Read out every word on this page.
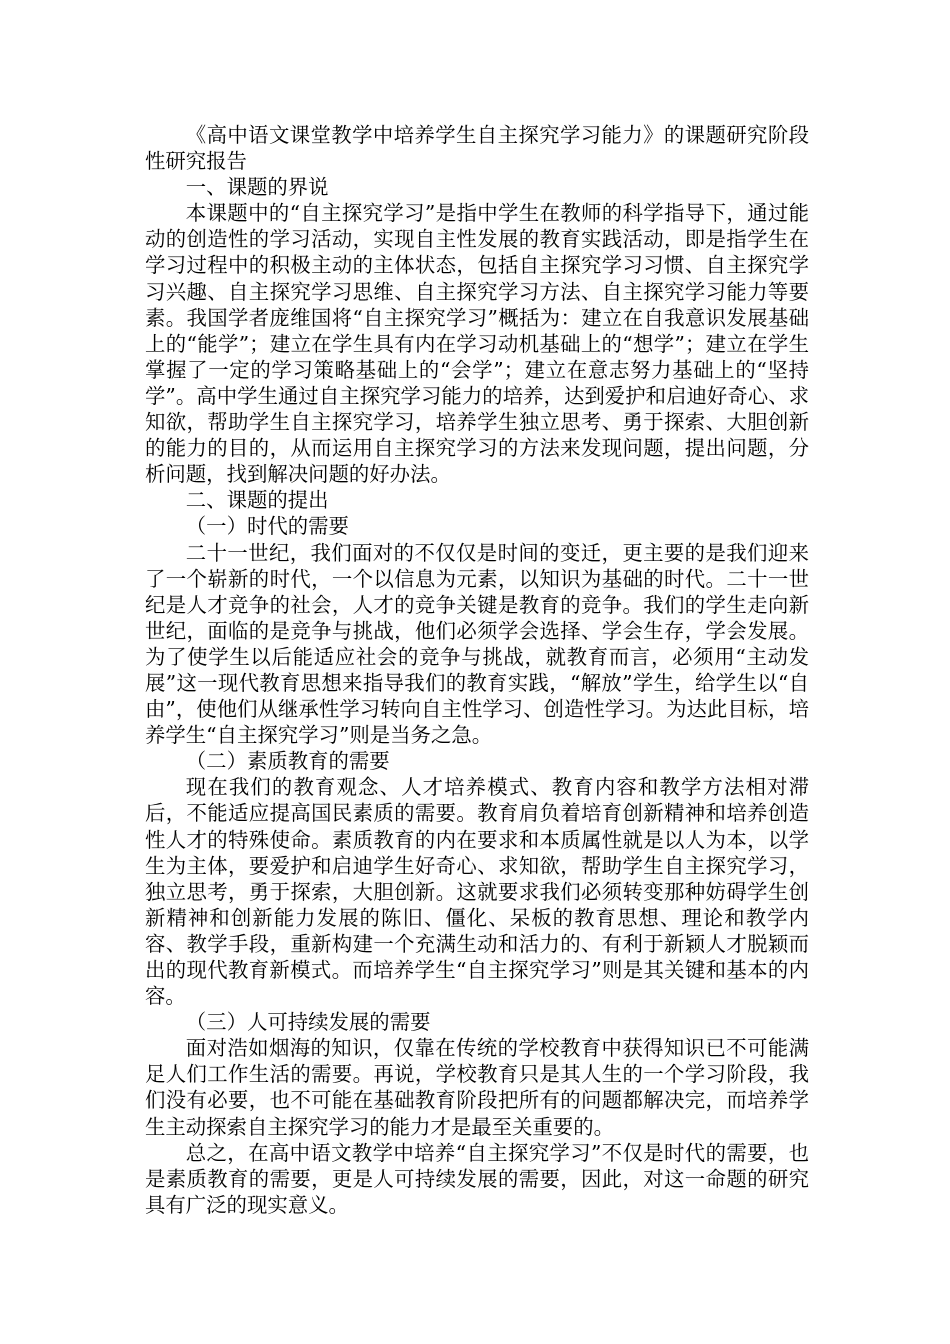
《高中语文课堂教学中培养学生自主探究学习能力》的课题研究阶段性研究报告

一、课题的界说

本课题中的“自主探究学习”是指中学生在教师的科学指导下，通过能动的创造性的学习活动，实现自主性发展的教育实践活动，即是指学生在学习过程中的积极主动的主体状态，包括自主探究学习习惯、自主探究学习兴趣、自主探究学习思维、自主探究学习方法、自主探究学习能力等要素。我国学者庞维国将“自主探究学习”概括为：建立在自我意识发展基础上的“能学”；建立在学生具有内在学习动机基础上的“想学”；建立在学生掌握了一定的学习策略基础上的“会学”；建立在意志努力基础上的“坚持学”。高中学生通过自主探究学习能力的培养，达到爱护和启迪好奇心、求知欲，帮助学生自主探究学习，培养学生独立思考、勇于探索、大胆创新的能力的目的，从而运用自主探究学习的方法来发现问题，提出问题，分析问题，找到解决问题的好办法。

二、课题的提出

（一）时代的需要

二十一世纪，我们面对的不仅仅是时间的变迁，更主要的是我们迎来了一个崭新的时代，一个以信息为元素，以知识为基础的时代。二十一世纪是人才竞争的社会，人才的竞争关键是教育的竞争。我们的学生走向新世纪，面临的是竞争与挑战，他们必须学会选择、学会生存，学会发展。为了使学生以后能适应社会的竞争与挑战，就教育而言，必须用“主动发展”这一现代教育思想来指导我们的教育实践，“解放”学生，给学生以“自由”，使他们从继承性学习转向自主性学习、创造性学习。为达此目标，培养学生“自主探究学习”则是当务之急。

（二）素质教育的需要

现在我们的教育观念、人才培养模式、教育内容和教学方法相对滞后，不能适应提高国民素质的需要。教育肩负着培育创新精神和培养创造性人才的特殊使命。素质教育的内在要求和本质属性就是以人为本，以学生为主体，要爱护和启迪学生好奇心、求知欲，帮助学生自主探究学习，独立思考，勇于探索，大胆创新。这就要求我们必须转变那种妨碍学生创新精神和创新能力发展的陈旧、僵化、呆板的教育思想、理论和教学内容、教学手段，重新构建一个充满生动和活力的、有利于新颖人才脱颖而出的现代教育新模式。而培养学生“自主探究学习”则是其关键和基本的内容。

（三）人可持续发展的需要

面对浩如烟海的知识，仅靠在传统的学校教育中获得知识已不可能满足人们工作生活的需要。再说，学校教育只是其人生的一个学习阶段，我们没有必要，也不可能在基础教育阶段把所有的问题都解决完，而培养学生主动探索自主探究学习的能力才是最至关重要的。

总之，在高中语文教学中培养“自主探究学习”不仅是时代的需要，也是素质教育的需要，更是人可持续发展的需要，因此，对这一命题的研究具有广泛的现实意义。
